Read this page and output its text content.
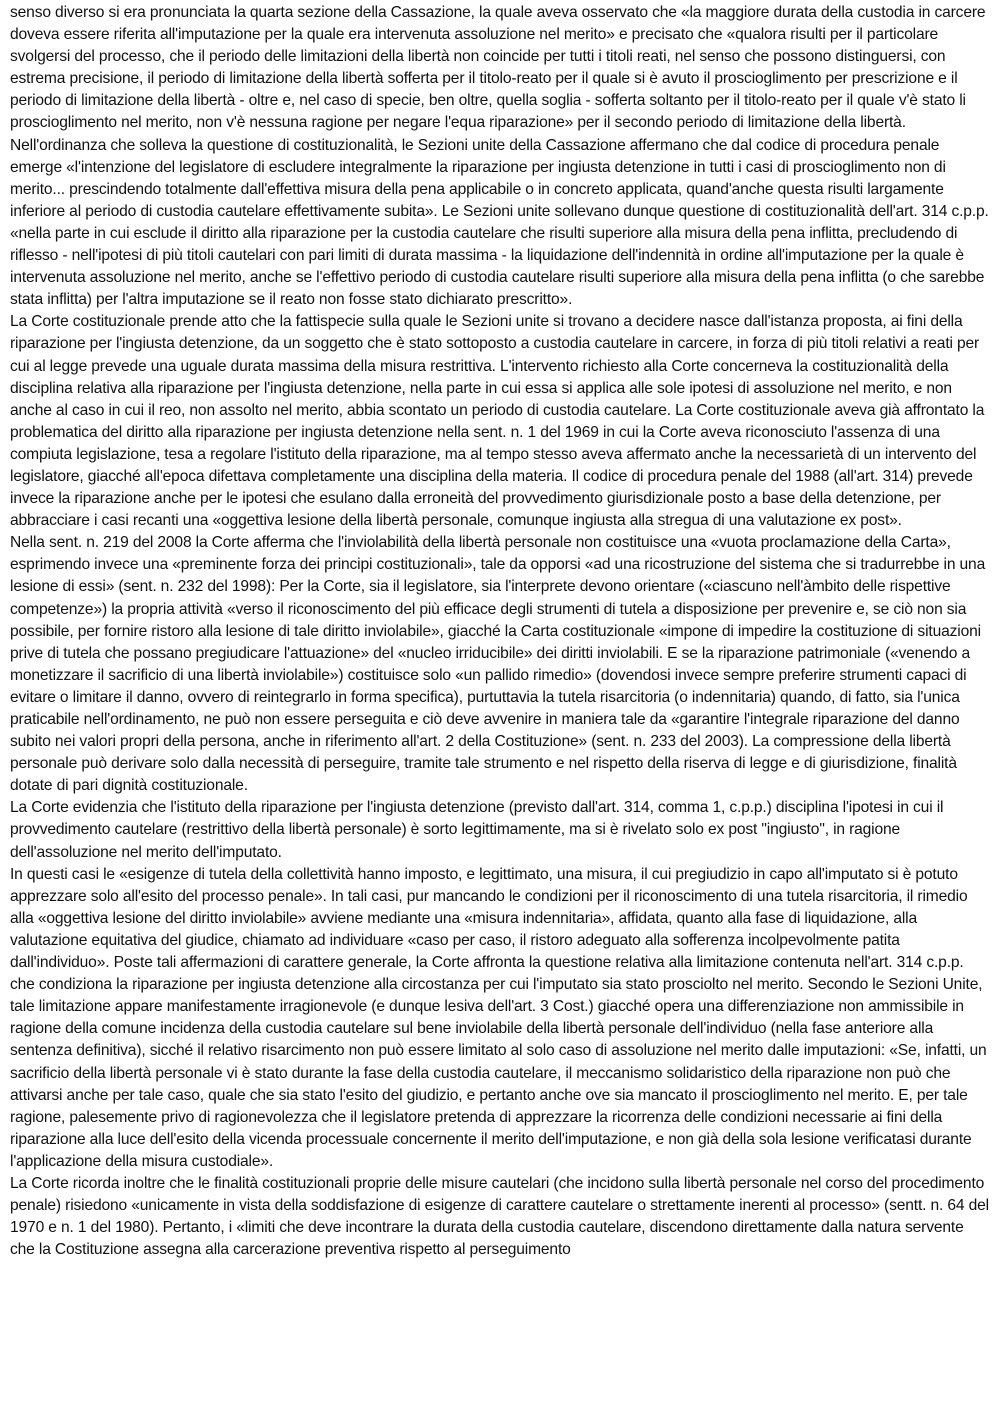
senso diverso si era pronunciata la quarta sezione della Cassazione, la quale aveva osservato che «la maggiore durata della custodia in carcere doveva essere riferita all'imputazione per la quale era intervenuta assoluzione nel merito» e precisato che «qualora risulti per il particolare svolgersi del processo, che il periodo delle limitazioni della libertà non coincide per tutti i titoli reati, nel senso che possono distinguersi, con estrema precisione, il periodo di limitazione della libertà sofferta per il titolo-reato per il quale si è avuto il proscioglimento per prescrizione e il periodo di limitazione della libertà - oltre e, nel caso di specie, ben oltre, quella soglia - sofferta soltanto per il titolo-reato per il quale v'è stato li proscioglimento nel merito, non v'è nessuna ragione per negare l'equa riparazione» per il secondo periodo di limitazione della libertà. Nell'ordinanza che solleva la questione di costituzionalità, le Sezioni unite della Cassazione affermano che dal codice di procedura penale emerge «l'intenzione del legislatore di escludere integralmente la riparazione per ingiusta detenzione in tutti i casi di proscioglimento non di merito... prescindendo totalmente dall'effettiva misura della pena applicabile o in concreto applicata, quand'anche questa risulti largamente inferiore al periodo di custodia cautelare effettivamente subita». Le Sezioni unite sollevano dunque questione di costituzionalità dell'art. 314 c.p.p. «nella parte in cui esclude il diritto alla riparazione per la custodia cautelare che risulti superiore alla misura della pena inflitta, precludendo di riflesso - nell'ipotesi di più titoli cautelari con pari limiti di durata massima - la liquidazione dell'indennità in ordine all'imputazione per la quale è intervenuta assoluzione nel merito, anche se l'effettivo periodo di custodia cautelare risulti superiore alla misura della pena inflitta (o che sarebbe stata inflitta) per l'altra imputazione se il reato non fosse stato dichiarato prescritto».

La Corte costituzionale prende atto che la fattispecie sulla quale le Sezioni unite si trovano a decidere nasce dall'istanza proposta, ai fini della riparazione per l'ingiusta detenzione, da un soggetto che è stato sottoposto a custodia cautelare in carcere, in forza di più titoli relativi a reati per cui al legge prevede una uguale durata massima della misura restrittiva. L'intervento richiesto alla Corte concerneva la costituzionalità della disciplina relativa alla riparazione per l'ingiusta detenzione, nella parte in cui essa si applica alle sole ipotesi di assoluzione nel merito, e non anche al caso in cui il reo, non assolto nel merito, abbia scontato un periodo di custodia cautelare. La Corte costituzionale aveva già affrontato la problematica del diritto alla riparazione per ingiusta detenzione nella sent. n. 1 del 1969 in cui la Corte aveva riconosciuto l'assenza di una compiuta legislazione, tesa a regolare l'istituto della riparazione, ma al tempo stesso aveva affermato anche la necessarietà di un intervento del legislatore, giacché all'epoca difettava completamente una disciplina della materia. Il codice di procedura penale del 1988 (all'art. 314) prevede invece la riparazione anche per le ipotesi che esulano dalla erroneità del provvedimento giurisdizionale posto a base della detenzione, per abbracciare i casi recanti una «oggettiva lesione della libertà personale, comunque ingiusta alla stregua di una valutazione ex post».

Nella sent. n. 219 del 2008 la Corte afferma che l'inviolabilità della libertà personale non costituisce una «vuota proclamazione della Carta», esprimendo invece una «preminente forza dei principi costituzionali», tale da opporsi «ad una ricostruzione del sistema che si tradurrebbe in una lesione di essi» (sent. n. 232 del 1998): Per la Corte, sia il legislatore, sia l'interprete devono orientare («ciascuno nell'àmbito delle rispettive competenze») la propria attività «verso il riconoscimento del più efficace degli strumenti di tutela a disposizione per prevenire e, se ciò non sia possibile, per fornire ristoro alla lesione di tale diritto inviolabile», giacché la Carta costituzionale «impone di impedire la costituzione di situazioni prive di tutela che possano pregiudicare l'attuazione» del «nucleo irriducibile» dei diritti inviolabili. E se la riparazione patrimoniale («venendo a monetizzare il sacrificio di una libertà inviolabile») costituisce solo «un pallido rimedio» (dovendosi invece sempre preferire strumenti capaci di evitare o limitare il danno, ovvero di reintegrarlo in forma specifica), purtuttavia la tutela risarcitoria (o indennitaria) quando, di fatto, sia l'unica praticabile nell'ordinamento, ne può non essere perseguita e ciò deve avvenire in maniera tale da «garantire l'integrale riparazione del danno subito nei valori propri della persona, anche in riferimento all'art. 2 della Costituzione» (sent. n. 233 del 2003). La compressione della libertà personale può derivare solo dalla necessità di perseguire, tramite tale strumento e nel rispetto della riserva di legge e di giurisdizione, finalità dotate di pari dignità costituzionale.

La Corte evidenzia che l'istituto della riparazione per l'ingiusta detenzione (previsto dall'art. 314, comma 1, c.p.p.) disciplina l'ipotesi in cui il provvedimento cautelare (restrittivo della libertà personale) è sorto legittimamente, ma si è rivelato solo ex post "ingiusto", in ragione dell'assoluzione nel merito dell'imputato.

In questi casi le «esigenze di tutela della collettività hanno imposto, e legittimato, una misura, il cui pregiudizio in capo all'imputato si è potuto apprezzare solo all'esito del processo penale». In tali casi, pur mancando le condizioni per il riconoscimento di una tutela risarcitoria, il rimedio alla «oggettiva lesione del diritto inviolabile» avviene mediante una «misura indennitaria», affidata, quanto alla fase di liquidazione, alla valutazione equitativa del giudice, chiamato ad individuare «caso per caso, il ristoro adeguato alla sofferenza incolpevolmente patita dall'individuo». Poste tali affermazioni di carattere generale, la Corte affronta la questione relativa alla limitazione contenuta nell'art. 314 c.p.p. che condiziona la riparazione per ingiusta detenzione alla circostanza per cui l'imputato sia stato prosciolto nel merito. Secondo le Sezioni Unite, tale limitazione appare manifestamente irragionevole (e dunque lesiva dell'art. 3 Cost.) giacché opera una differenziazione non ammissibile in ragione della comune incidenza della custodia cautelare sul bene inviolabile della libertà personale dell'individuo (nella fase anteriore alla sentenza definitiva), sicché il relativo risarcimento non può essere limitato al solo caso di assoluzione nel merito dalle imputazioni: «Se, infatti, un sacrificio della libertà personale vi è stato durante la fase della custodia cautelare, il meccanismo solidaristico della riparazione non può che attivarsi anche per tale caso, quale che sia stato l'esito del giudizio, e pertanto anche ove sia mancato il proscioglimento nel merito. E, per tale ragione, palesemente privo di ragionevolezza che il legislatore pretenda di apprezzare la ricorrenza delle condizioni necessarie ai fini della riparazione alla luce dell'esito della vicenda processuale concernente il merito dell'imputazione, e non già della sola lesione verificatasi durante l'applicazione della misura custodiale».

La Corte ricorda inoltre che le finalità costituzionali proprie delle misure cautelari (che incidono sulla libertà personale nel corso del procedimento penale) risiedono «unicamente in vista della soddisfazione di esigenze di carattere cautelare o strettamente inerenti al processo» (sentt. n. 64 del 1970 e n. 1 del 1980). Pertanto, i «limiti che deve incontrare la durata della custodia cautelare, discendono direttamente dalla natura servente che la Costituzione assegna alla carcerazione preventiva rispetto al perseguimento
